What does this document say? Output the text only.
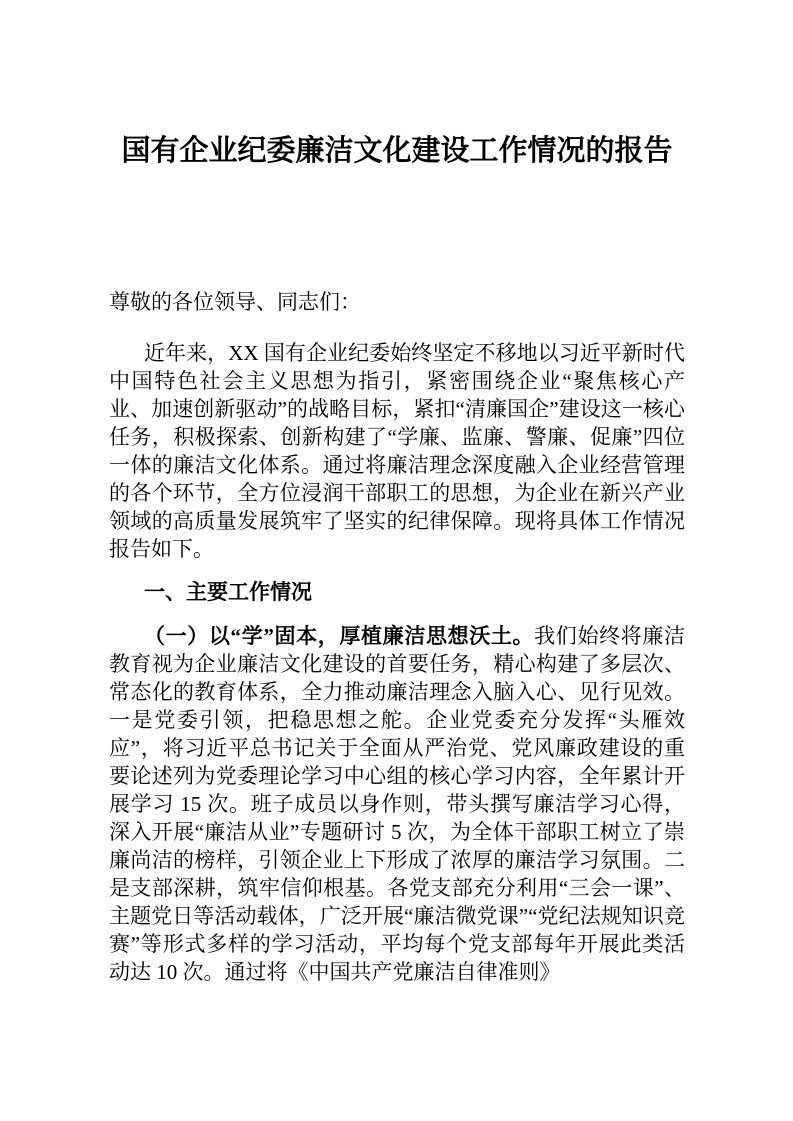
国有企业纪委廉洁文化建设工作情况的报告

尊敬的各位领导、同志们：

近年来，XX 国有企业纪委始终坚定不移地以习近平新时代中国特色社会主义思想为指引，紧密围绕企业“聚焦核心产业、加速创新驱动”的战略目标，紧扣“清廉国企”建设这一核心任务，积极探索、创新构建了“学廉、监廉、警廉、促廉”四位一体的廉洁文化体系。通过将廉洁理念深度融入企业经营管理的各个环节，全方位浸润干部职工的思想，为企业在新兴产业领域的高质量发展筑牢了坚实的纪律保障。现将具体工作情况报告如下。

一、主要工作情况

（一）以“学”固本，厚植廉洁思想沃土。我们始终将廉洁教育视为企业廉洁文化建设的首要任务，精心构建了多层次、常态化的教育体系，全力推动廉洁理念入脑入心、见行见效。一是党委引领，把稳思想之舵。企业党委充分发挥“头雁效应”，将习近平总书记关于全面从严治党、党风廉政建设的重要论述列为党委理论学习中心组的核心学习内容，全年累计开展学习 15 次。班子成员以身作则，带头撰写廉洁学习心得，深入开展“廉洁从业”专题研讨 5 次，为全体干部职工树立了崇廉尚洁的榜样，引领企业上下形成了浓厚的廉洁学习氛围。二是支部深耕，筑牢信仰根基。各党支部充分利用“三会一课”、主题党日等活动载体，广泛开展“廉洁微党课”“党纪法规知识竞赛”等形式多样的学习活动，平均每个党支部每年开展此类活动达 10 次。通过将《中国共产党廉洁自律准则》
